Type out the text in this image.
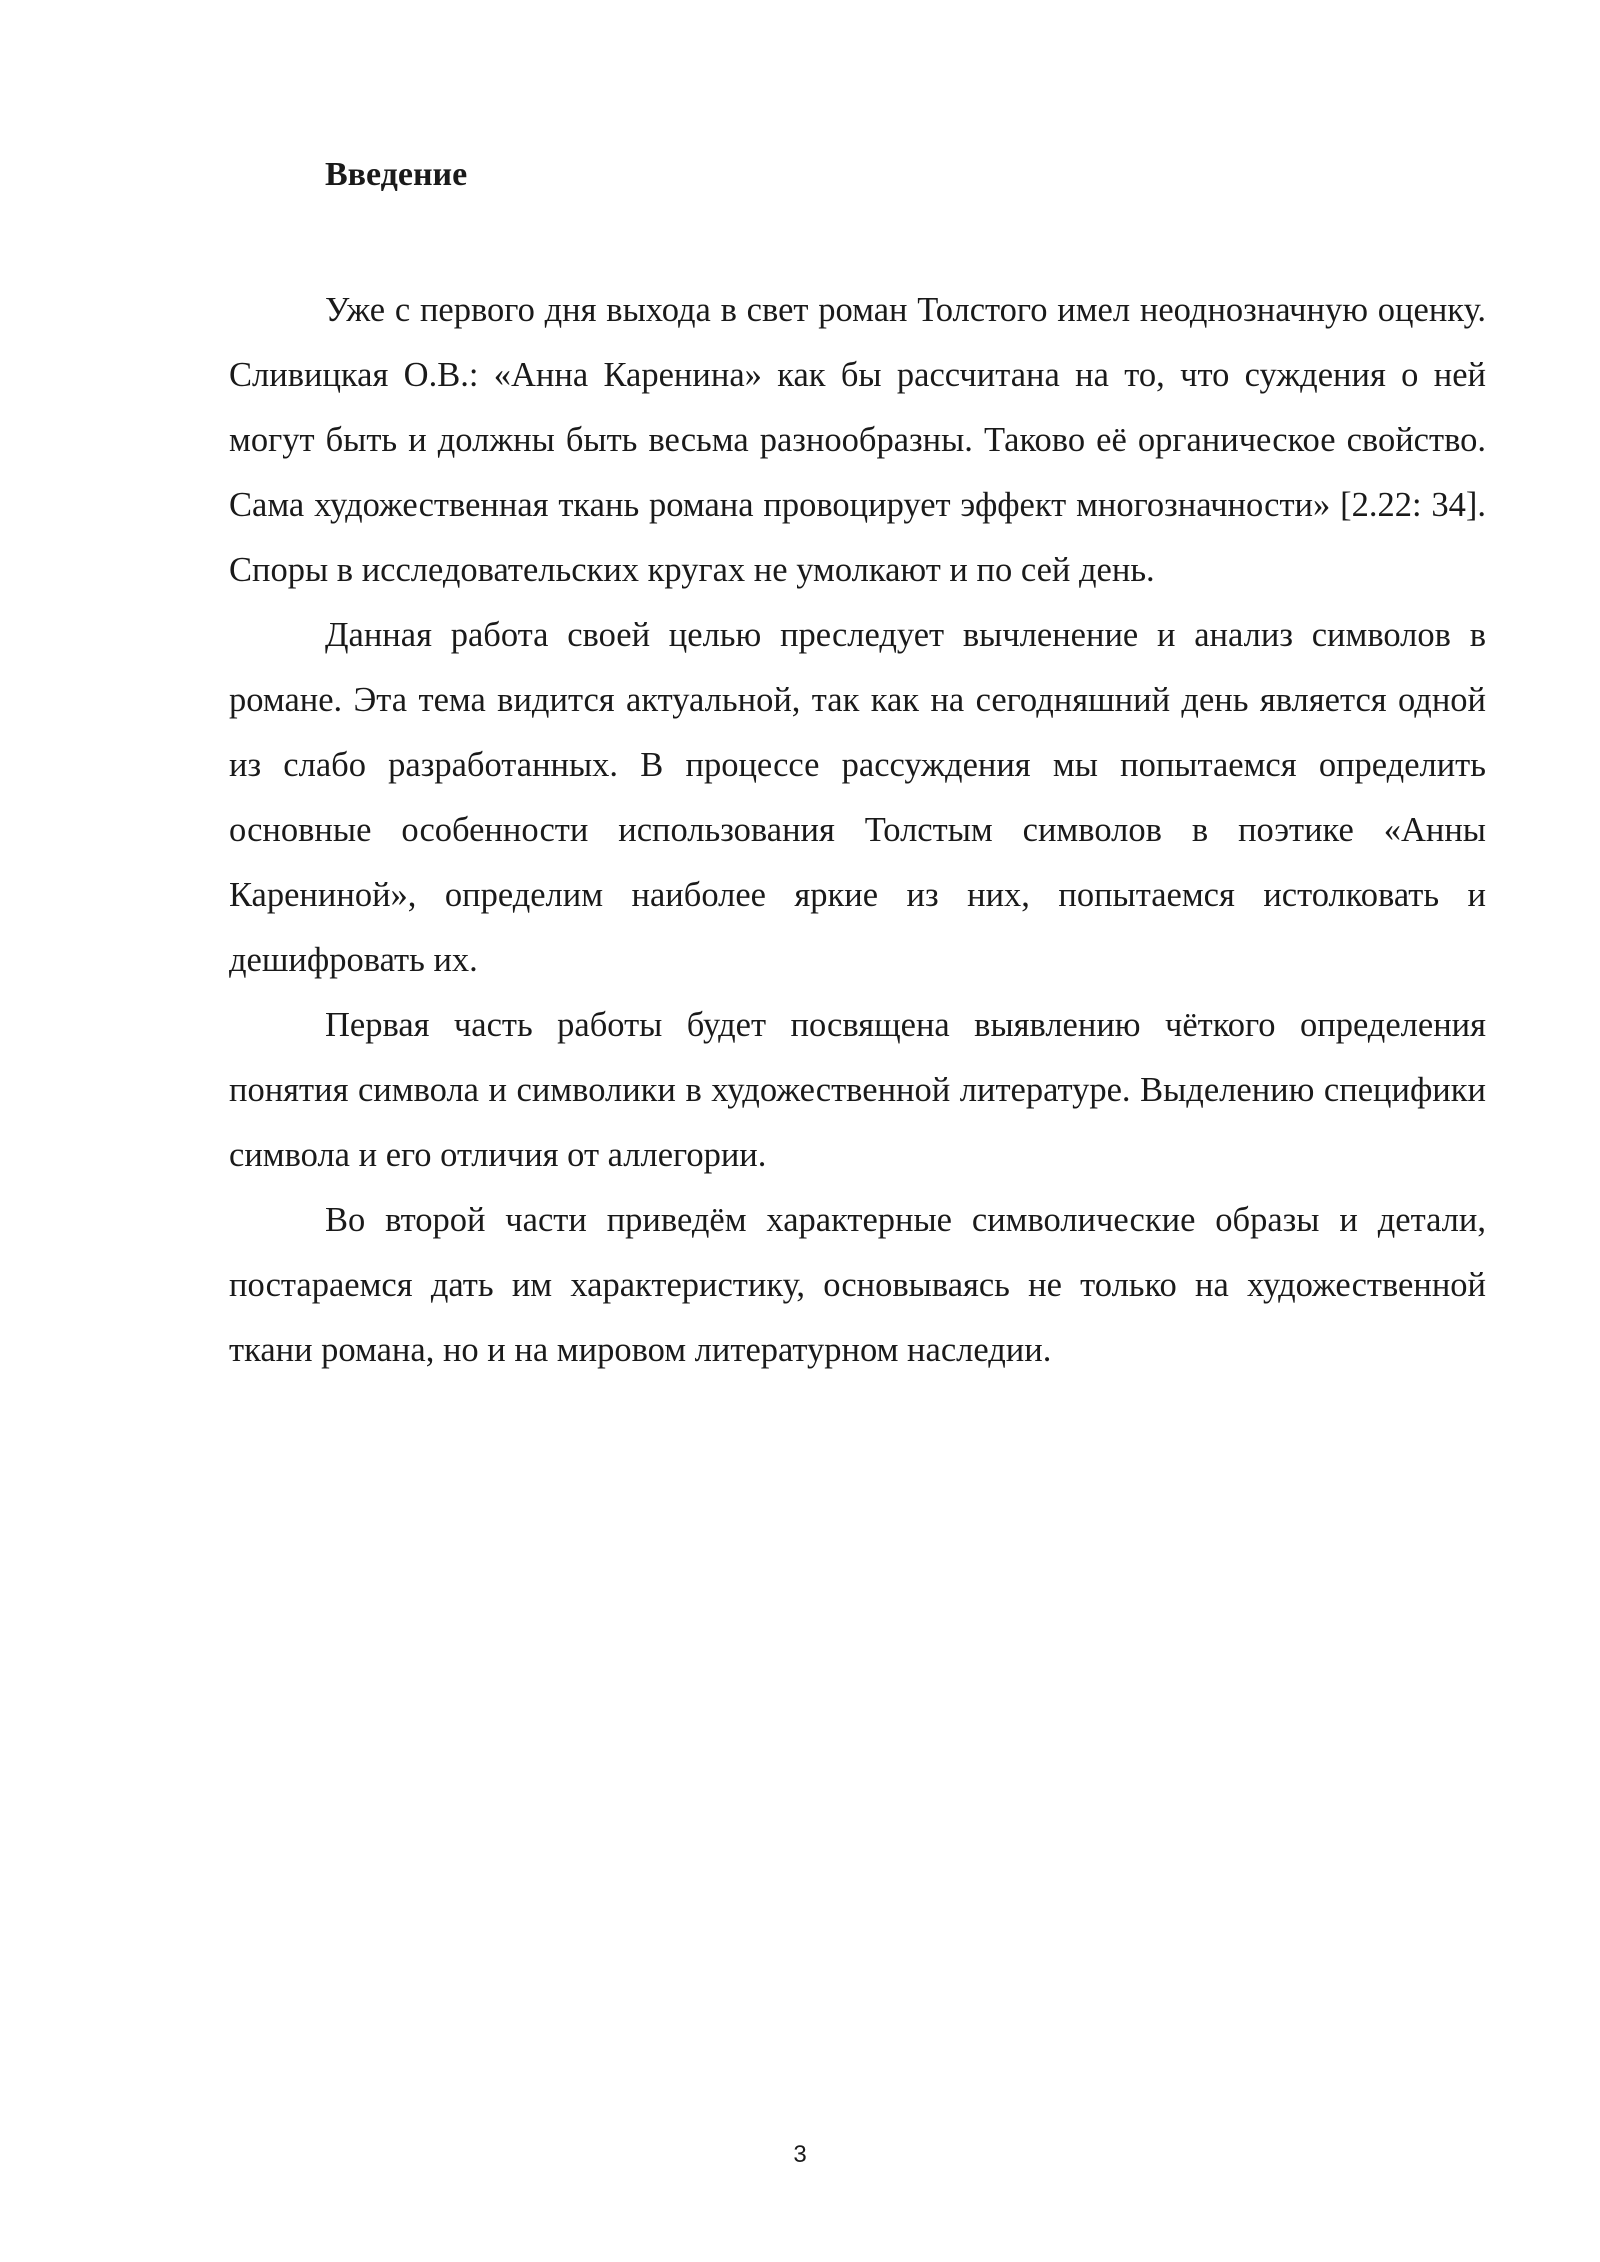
Введение

Уже с первого дня выхода в свет роман Толстого имел неоднозначную оценку. Сливицкая О.В.: «Анна Каренина» как бы рассчитана на то, что суждения о ней могут быть и должны быть весьма разнообразны. Таково её органическое свойство. Сама художественная ткань романа провоцирует эффект многозначности» [2.22: 34]. Споры в исследовательских кругах не умолкают и по сей день.

Данная работа своей целью преследует вычленение и анализ символов в романе. Эта тема видится актуальной, так как на сегодняшний день является одной из слабо разработанных. В процессе рассуждения мы попытаемся определить основные особенности использования Толстым символов в поэтике «Анны Карениной», определим наиболее яркие из них, попытаемся истолковать и дешифровать их.

Первая часть работы будет посвящена выявлению чёткого определения понятия символа и символики в художественной литературе. Выделению специфики символа и его отличия от аллегории.

Во второй части приведём характерные символические образы и детали, постараемся дать им характеристику, основываясь не только на художественной ткани романа, но и на мировом литературном наследии.

3
